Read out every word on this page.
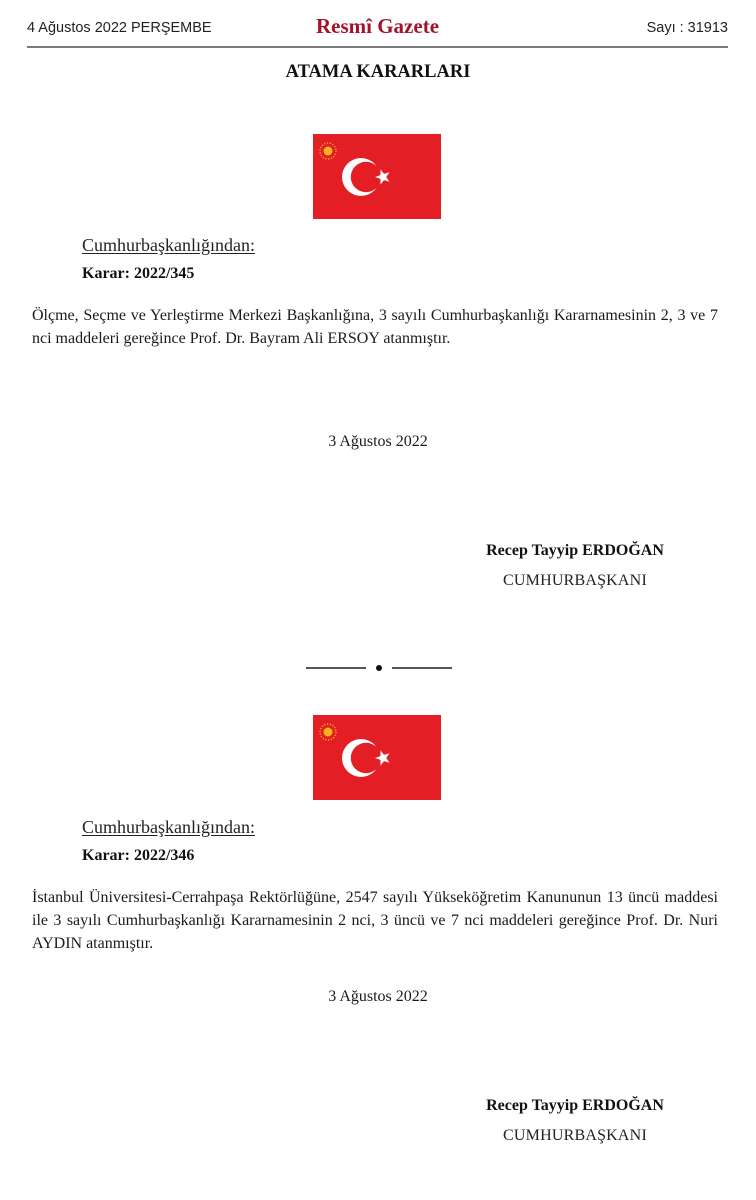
4 Ağustos 2022 PERŞEMBE	Resmî Gazete	Sayı : 31913
ATAMA KARARLARI
Cumhurbaşkanlığından:
Karar: 2022/345
Ölçme, Seçme ve Yerleştirme Merkezi Başkanlığına, 3 sayılı Cumhurbaşkanlığı Kararnamesinin 2, 3 ve 7 nci maddeleri gereğince Prof. Dr. Bayram Ali ERSOY atanmıştır.
3 Ağustos 2022
Recep Tayyip ERDOĞAN
CUMHURBAŞKANI
Cumhurbaşkanlığından:
Karar: 2022/346
İstanbul Üniversitesi-Cerrahpaşa Rektörlüğüne, 2547 sayılı Yükseköğretim Kanununun 13 üncü maddesi ile 3 sayılı Cumhurbaşkanlığı Kararnamesinin 2 nci, 3 üncü ve 7 nci maddeleri gereğince Prof. Dr. Nuri AYDIN atanmıştır.
3 Ağustos 2022
Recep Tayyip ERDOĞAN
CUMHURBAŞKANI
